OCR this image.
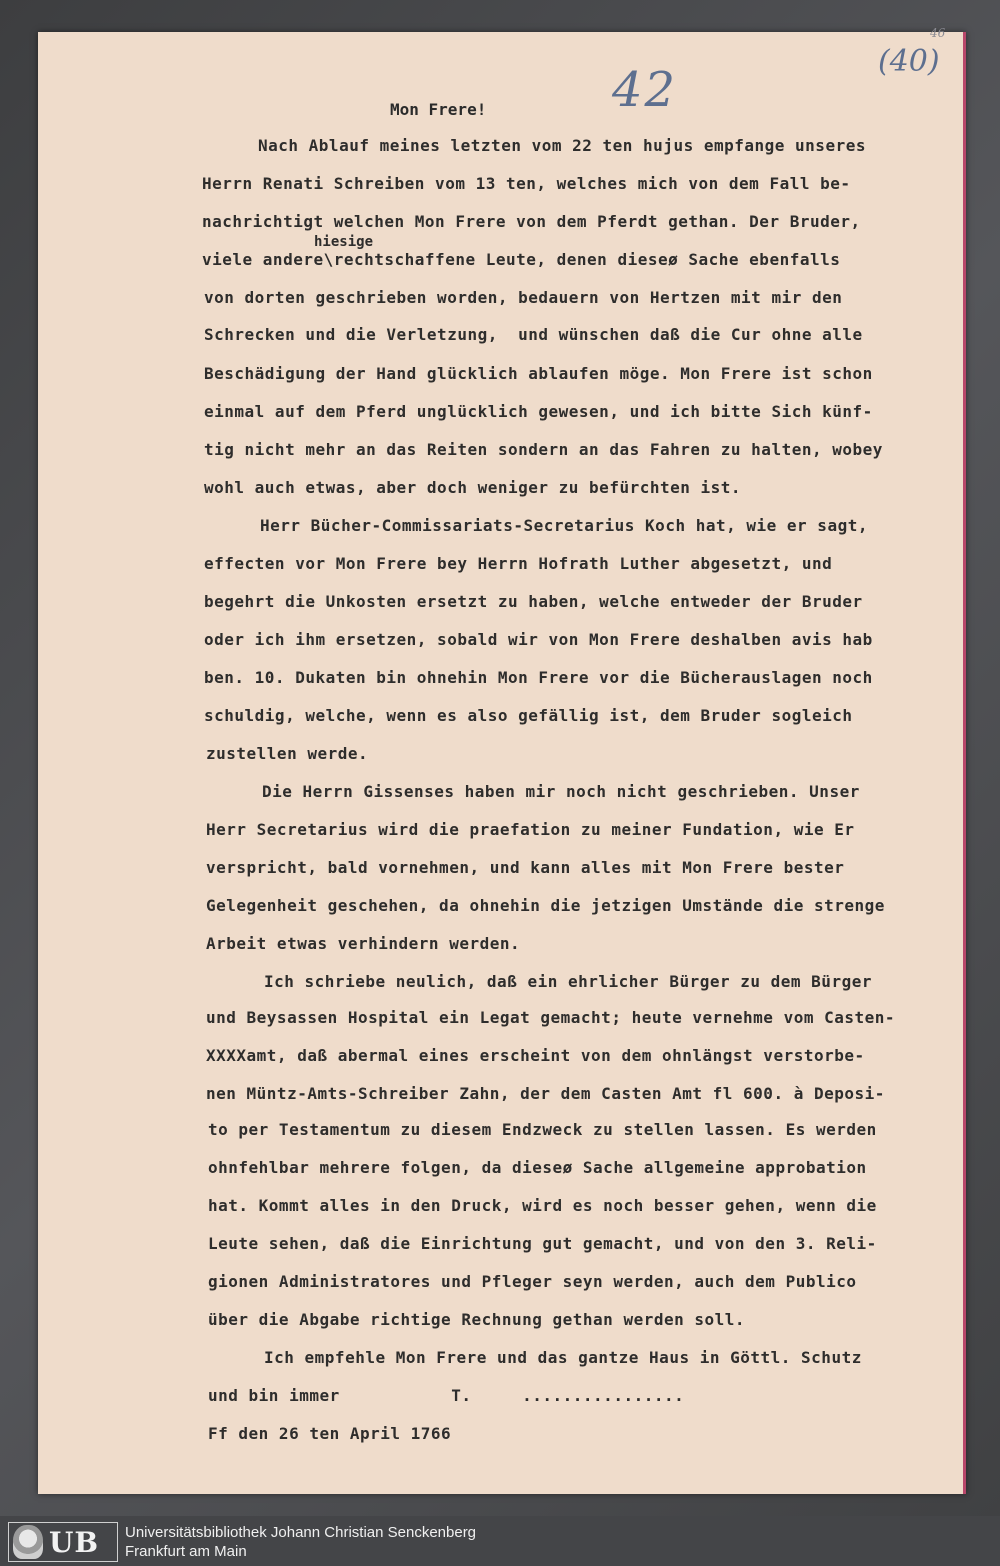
42
(40)
46
Mon Frere!
hiesige
Nach Ablauf meines letzten vom 22 ten hujus empfange unseres
Herrn Renati Schreiben vom 13 ten, welches mich von dem Fall be-
nachrichtigt welchen Mon Frere von dem Pferdt gethan. Der Bruder,
viele andere\rechtschaffene Leute, denen dieseø Sache ebenfalls
von dorten geschrieben worden, bedauern von Hertzen mit mir den
Schrecken und die Verletzung,  und wünschen daß die Cur ohne alle
Beschädigung der Hand glücklich ablaufen möge. Mon Frere ist schon
einmal auf dem Pferd unglücklich gewesen, und ich bitte Sich künf-
tig nicht mehr an das Reiten sondern an das Fahren zu halten, wobey
wohl auch etwas, aber doch weniger zu befürchten ist.
Herr Bücher-Commissariats-Secretarius Koch hat, wie er sagt,
effecten vor Mon Frere bey Herrn Hofrath Luther abgesetzt, und
begehrt die Unkosten ersetzt zu haben, welche entweder der Bruder
oder ich ihm ersetzen, sobald wir von Mon Frere deshalben avis hab
ben. 10. Dukaten bin ohnehin Mon Frere vor die Bücherauslagen noch
schuldig, welche, wenn es also gefällig ist, dem Bruder sogleich
zustellen werde.
Die Herrn Gissenses haben mir noch nicht geschrieben. Unser
Herr Secretarius wird die praefation zu meiner Fundation, wie Er
verspricht, bald vornehmen, und kann alles mit Mon Frere bester
Gelegenheit geschehen, da ohnehin die jetzigen Umstände die strenge
Arbeit etwas verhindern werden.
Ich schriebe neulich, daß ein ehrlicher Bürger zu dem Bürger
und Beysassen Hospital ein Legat gemacht; heute vernehme vom Casten-
XXXXamt, daß abermal eines erscheint von dem ohnlängst verstorbe-
nen Müntz-Amts-Schreiber Zahn, der dem Casten Amt fl 600. à Deposi-
to per Testamentum zu diesem Endzweck zu stellen lassen. Es werden
ohnfehlbar mehrere folgen, da dieseø Sache allgemeine approbation
hat. Kommt alles in den Druck, wird es noch besser gehen, wenn die
Leute sehen, daß die Einrichtung gut gemacht, und von den 3. Reli-
gionen Administratores und Pfleger seyn werden, auch dem Publico
über die Abgabe richtige Rechnung gethan werden soll.
Ich empfehle Mon Frere und das gantze Haus in Göttl. Schutz
und bin immer           T.     ................
Ff den 26 ten April 1766
UB Universitätsbibliothek Johann Christian Senckenberg
Frankfurt am Main
